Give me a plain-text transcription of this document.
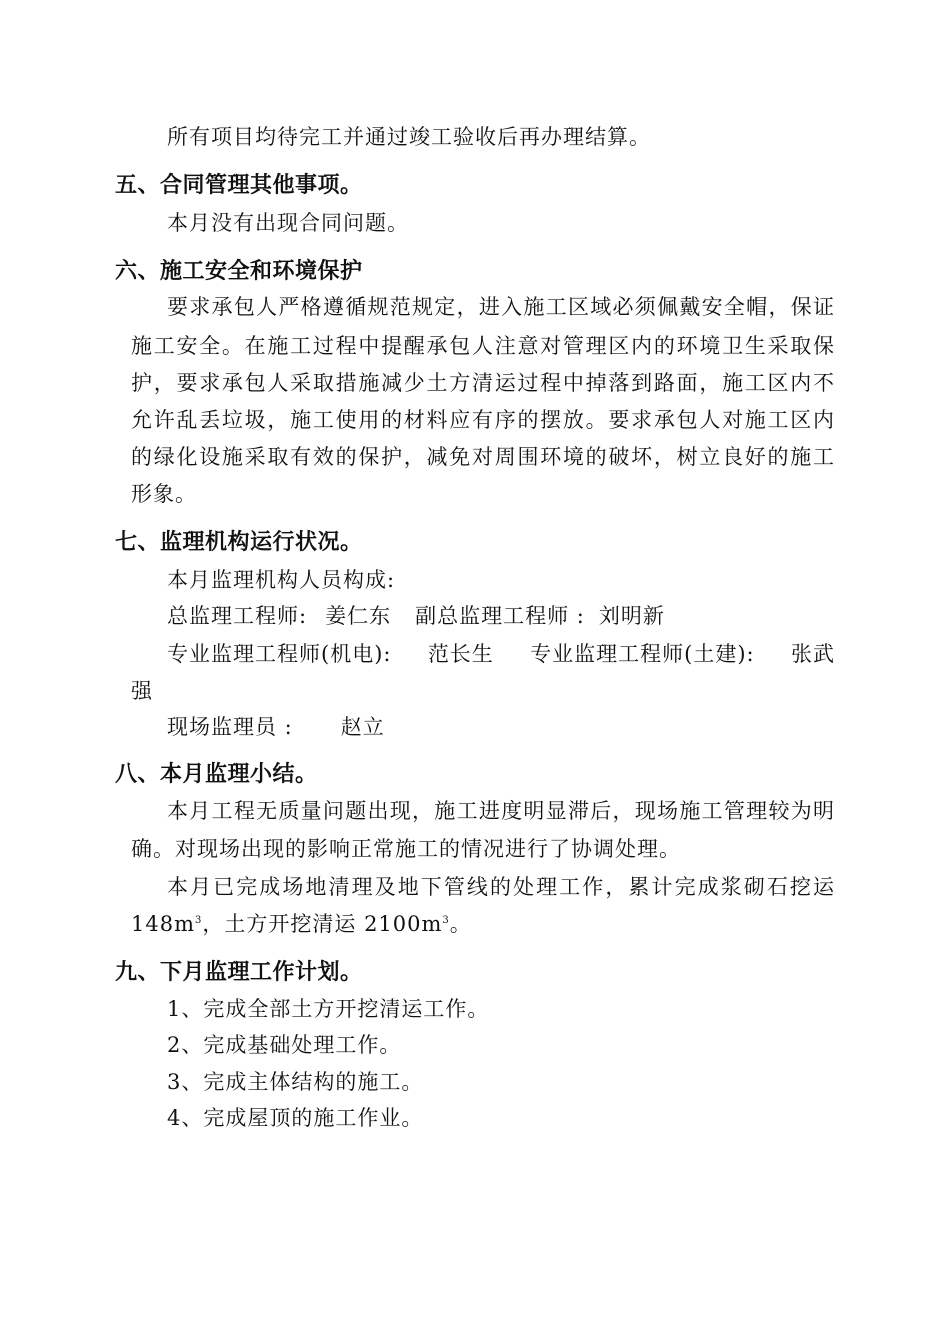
所有项目均待完工并通过竣工验收后再办理结算。
五、合同管理其他事项。
本月没有出现合同问题。
六、施工安全和环境保护
要求承包人严格遵循规范规定，进入施工区域必须佩戴安全帽，保证
施工安全。在施工过程中提醒承包人注意对管理区内的环境卫生采取保
护，要求承包人采取措施减少土方清运过程中掉落到路面，施工区内不
允许乱丢垃圾，施工使用的材料应有序的摆放。要求承包人对施工区内
的绿化设施采取有效的保护，减免对周围环境的破坏，树立良好的施工
形象。
七、监理机构运行状况。
本月监理机构人员构成:
总监理工程师: 姜仁东 副总监理工程师 : 刘明新
专业监理工程师(机电): 范长生 专业监理工程师(土建): 张武
强
现场监理员 : 赵立
八、本月监理小结。
本月工程无质量问题出现，施工进度明显滞后，现场施工管理较为明
确。对现场出现的影响正常施工的情况进行了协调处理。
本月已完成场地清理及地下管线的处理工作，累计完成浆砌石挖运
$148m^3$，土方开挖清运 $2100m^3$。
九、下月监理工作计划。
1、完成全部土方开挖清运工作。
2、完成基础处理工作。
3、完成主体结构的施工。
4、完成屋顶的施工作业。
